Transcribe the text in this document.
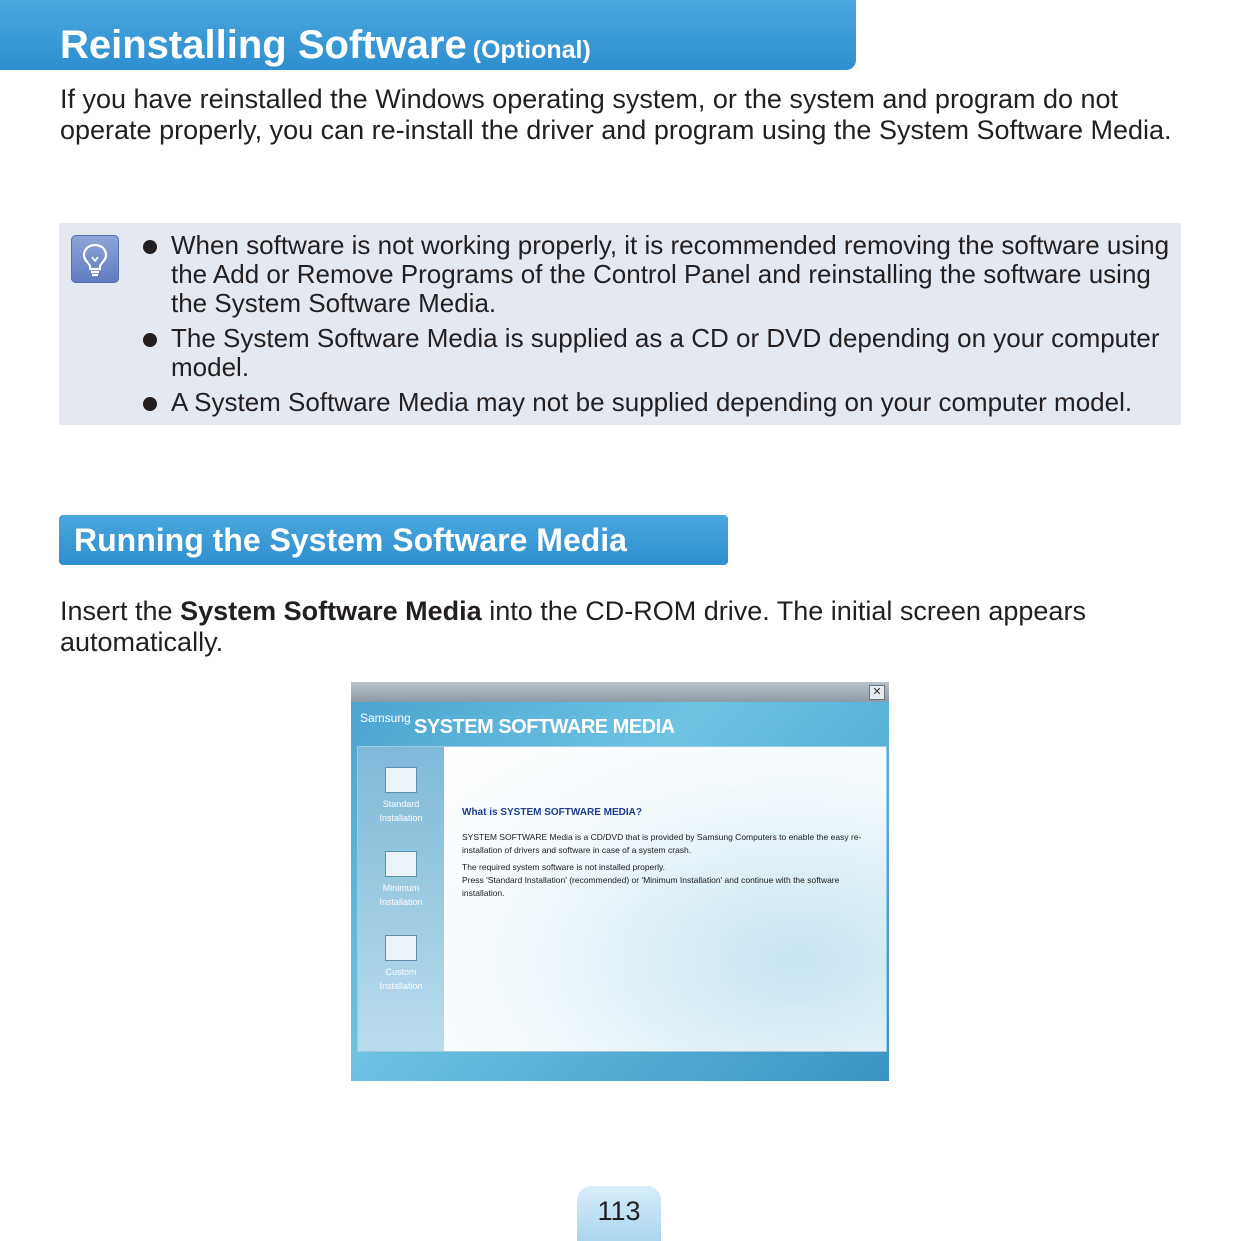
Reinstalling Software (Optional)

If you have reinstalled the Windows operating system, or the system and program do not operate properly, you can re-install the driver and program using the System Software Media.

When software is not working properly, it is recommended removing the software using the Add or Remove Programs of the Control Panel and reinstalling the software using the System Software Media.
The System Software Media is supplied as a CD or DVD depending on your computer model.
A System Software Media may not be supplied depending on your computer model.
Running the System Software Media

Insert the System Software Media into the CD-ROM drive. The initial screen appears automatically.

✕
Samsung SYSTEM SOFTWARE MEDIA
Standard
Installation
Minimum
Installation
Custom
Installation
What is SYSTEM SOFTWARE MEDIA?

SYSTEM SOFTWARE Media is a CD/DVD that is provided by Samsung Computers to enable the easy re-installation of drivers and software in case of a system crash.

The required system software is not installed properly.

Press 'Standard Installation' (recommended) or 'Minimum Installation' and continue with the software installation.

113
